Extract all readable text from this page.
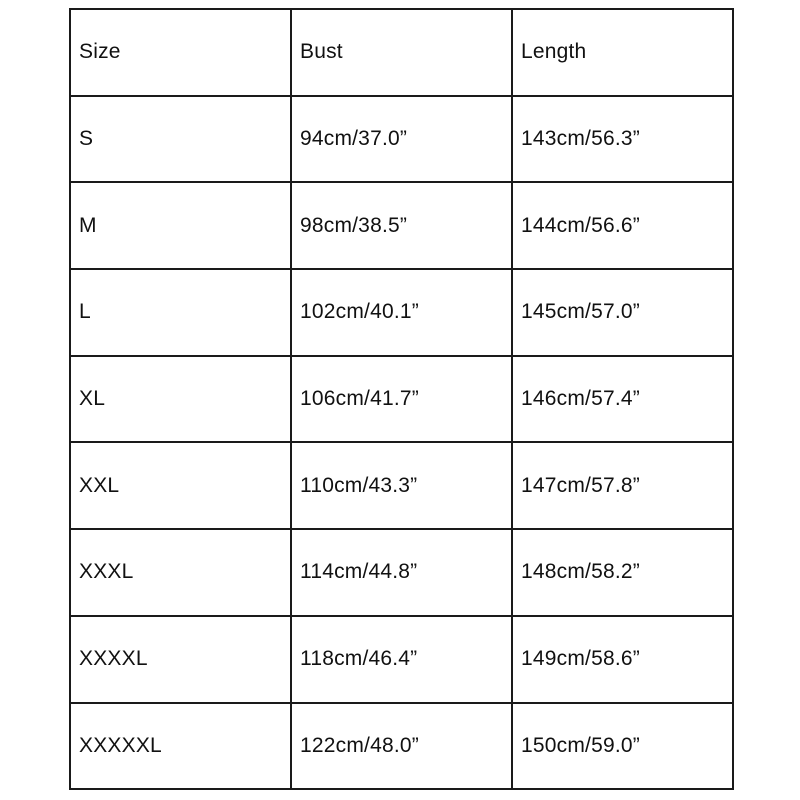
Size	Bust	Length
S	94cm/37.0”	143cm/56.3”
M	98cm/38.5”	144cm/56.6”
L	102cm/40.1”	145cm/57.0”
XL	106cm/41.7”	146cm/57.4”
XXL	110cm/43.3”	147cm/57.8”
XXXL	114cm/44.8”	148cm/58.2”
XXXXL	118cm/46.4”	149cm/58.6”
XXXXXL	122cm/48.0”	150cm/59.0”
